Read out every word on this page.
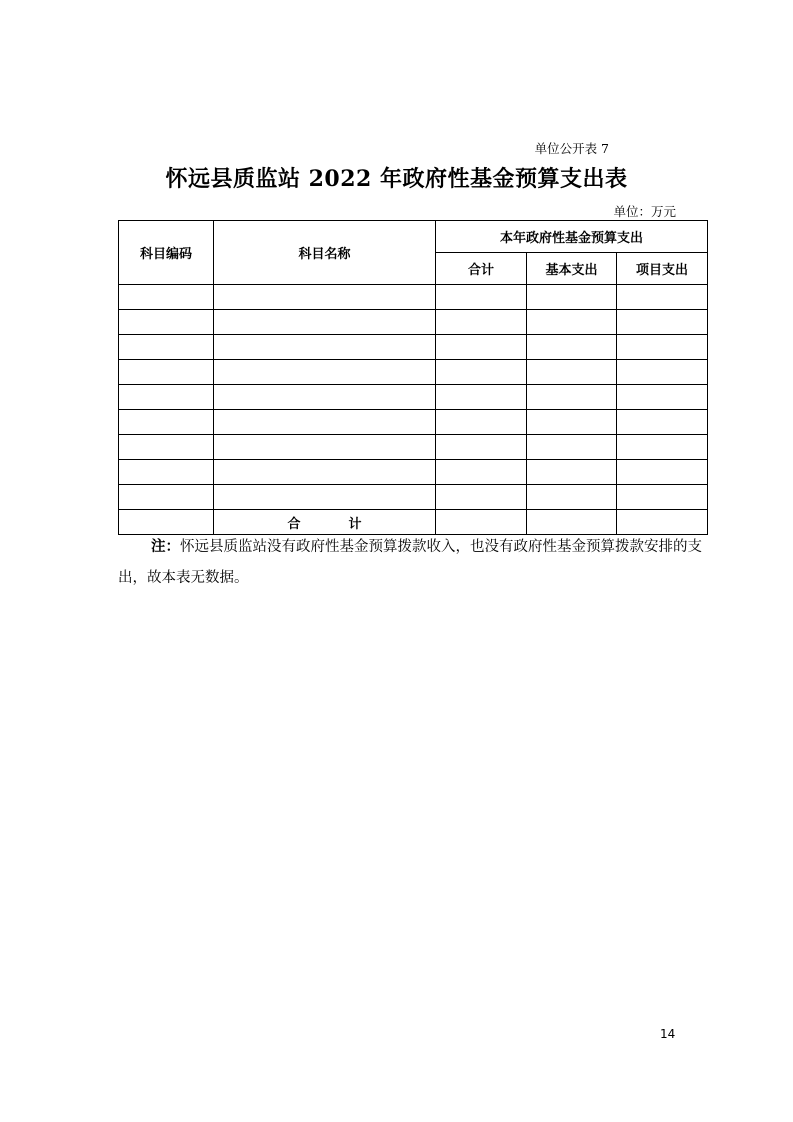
单位公开表 7
怀远县质监站 2022 年政府性基金预算支出表
单位：万元
科目编码	科目名称	本年政府性基金预算支出		
		合计	基本支出	项目支出

	合计			
注：怀远县质监站没有政府性基金预算拨款收入，也没有政府性基金预算拨款安排的支出，故本表无数据。
14
